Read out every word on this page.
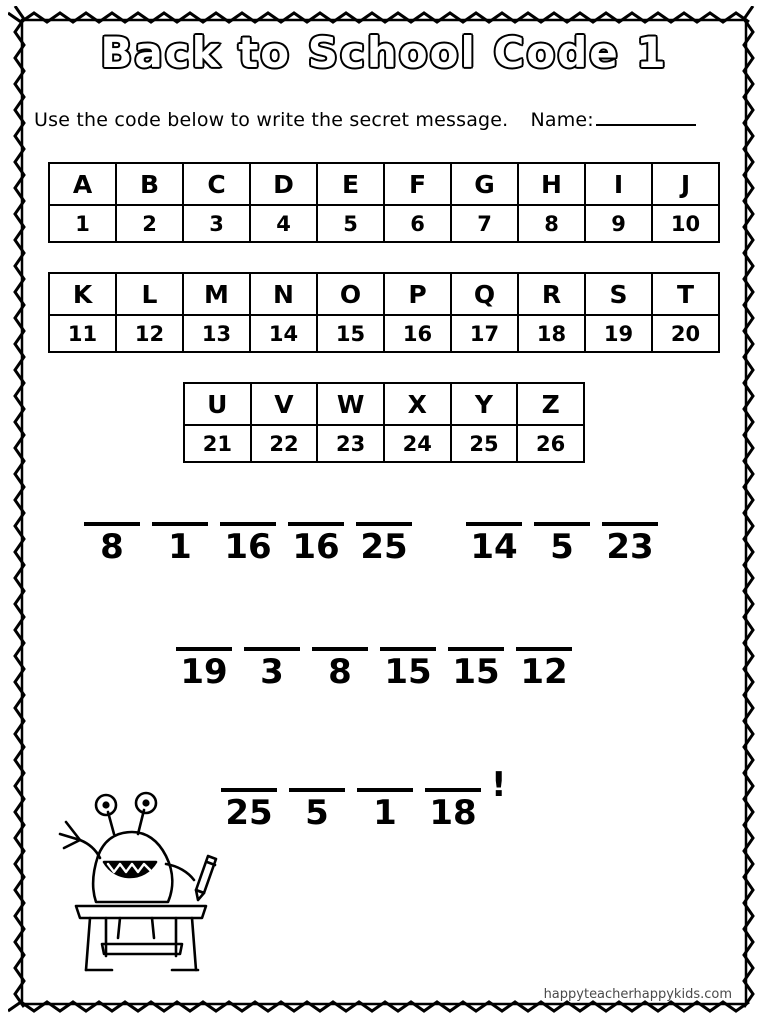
Back to School Code 1
Use the code below to write the secret message. Name:
A	B	C	D	E	F	G	H	I	J
1	2	3	4	5	6	7	8	9	10
K	L	M	N	O	P	Q	R	S	T
11	12	13	14	15	16	17	18	19	20
U	V	W	X	Y	Z
21	22	23	24	25	26
8 1 16 16 25 14 5 23
19 3 8 15 15 12
25 5 1 18
!
happyteacherhappykids.com
